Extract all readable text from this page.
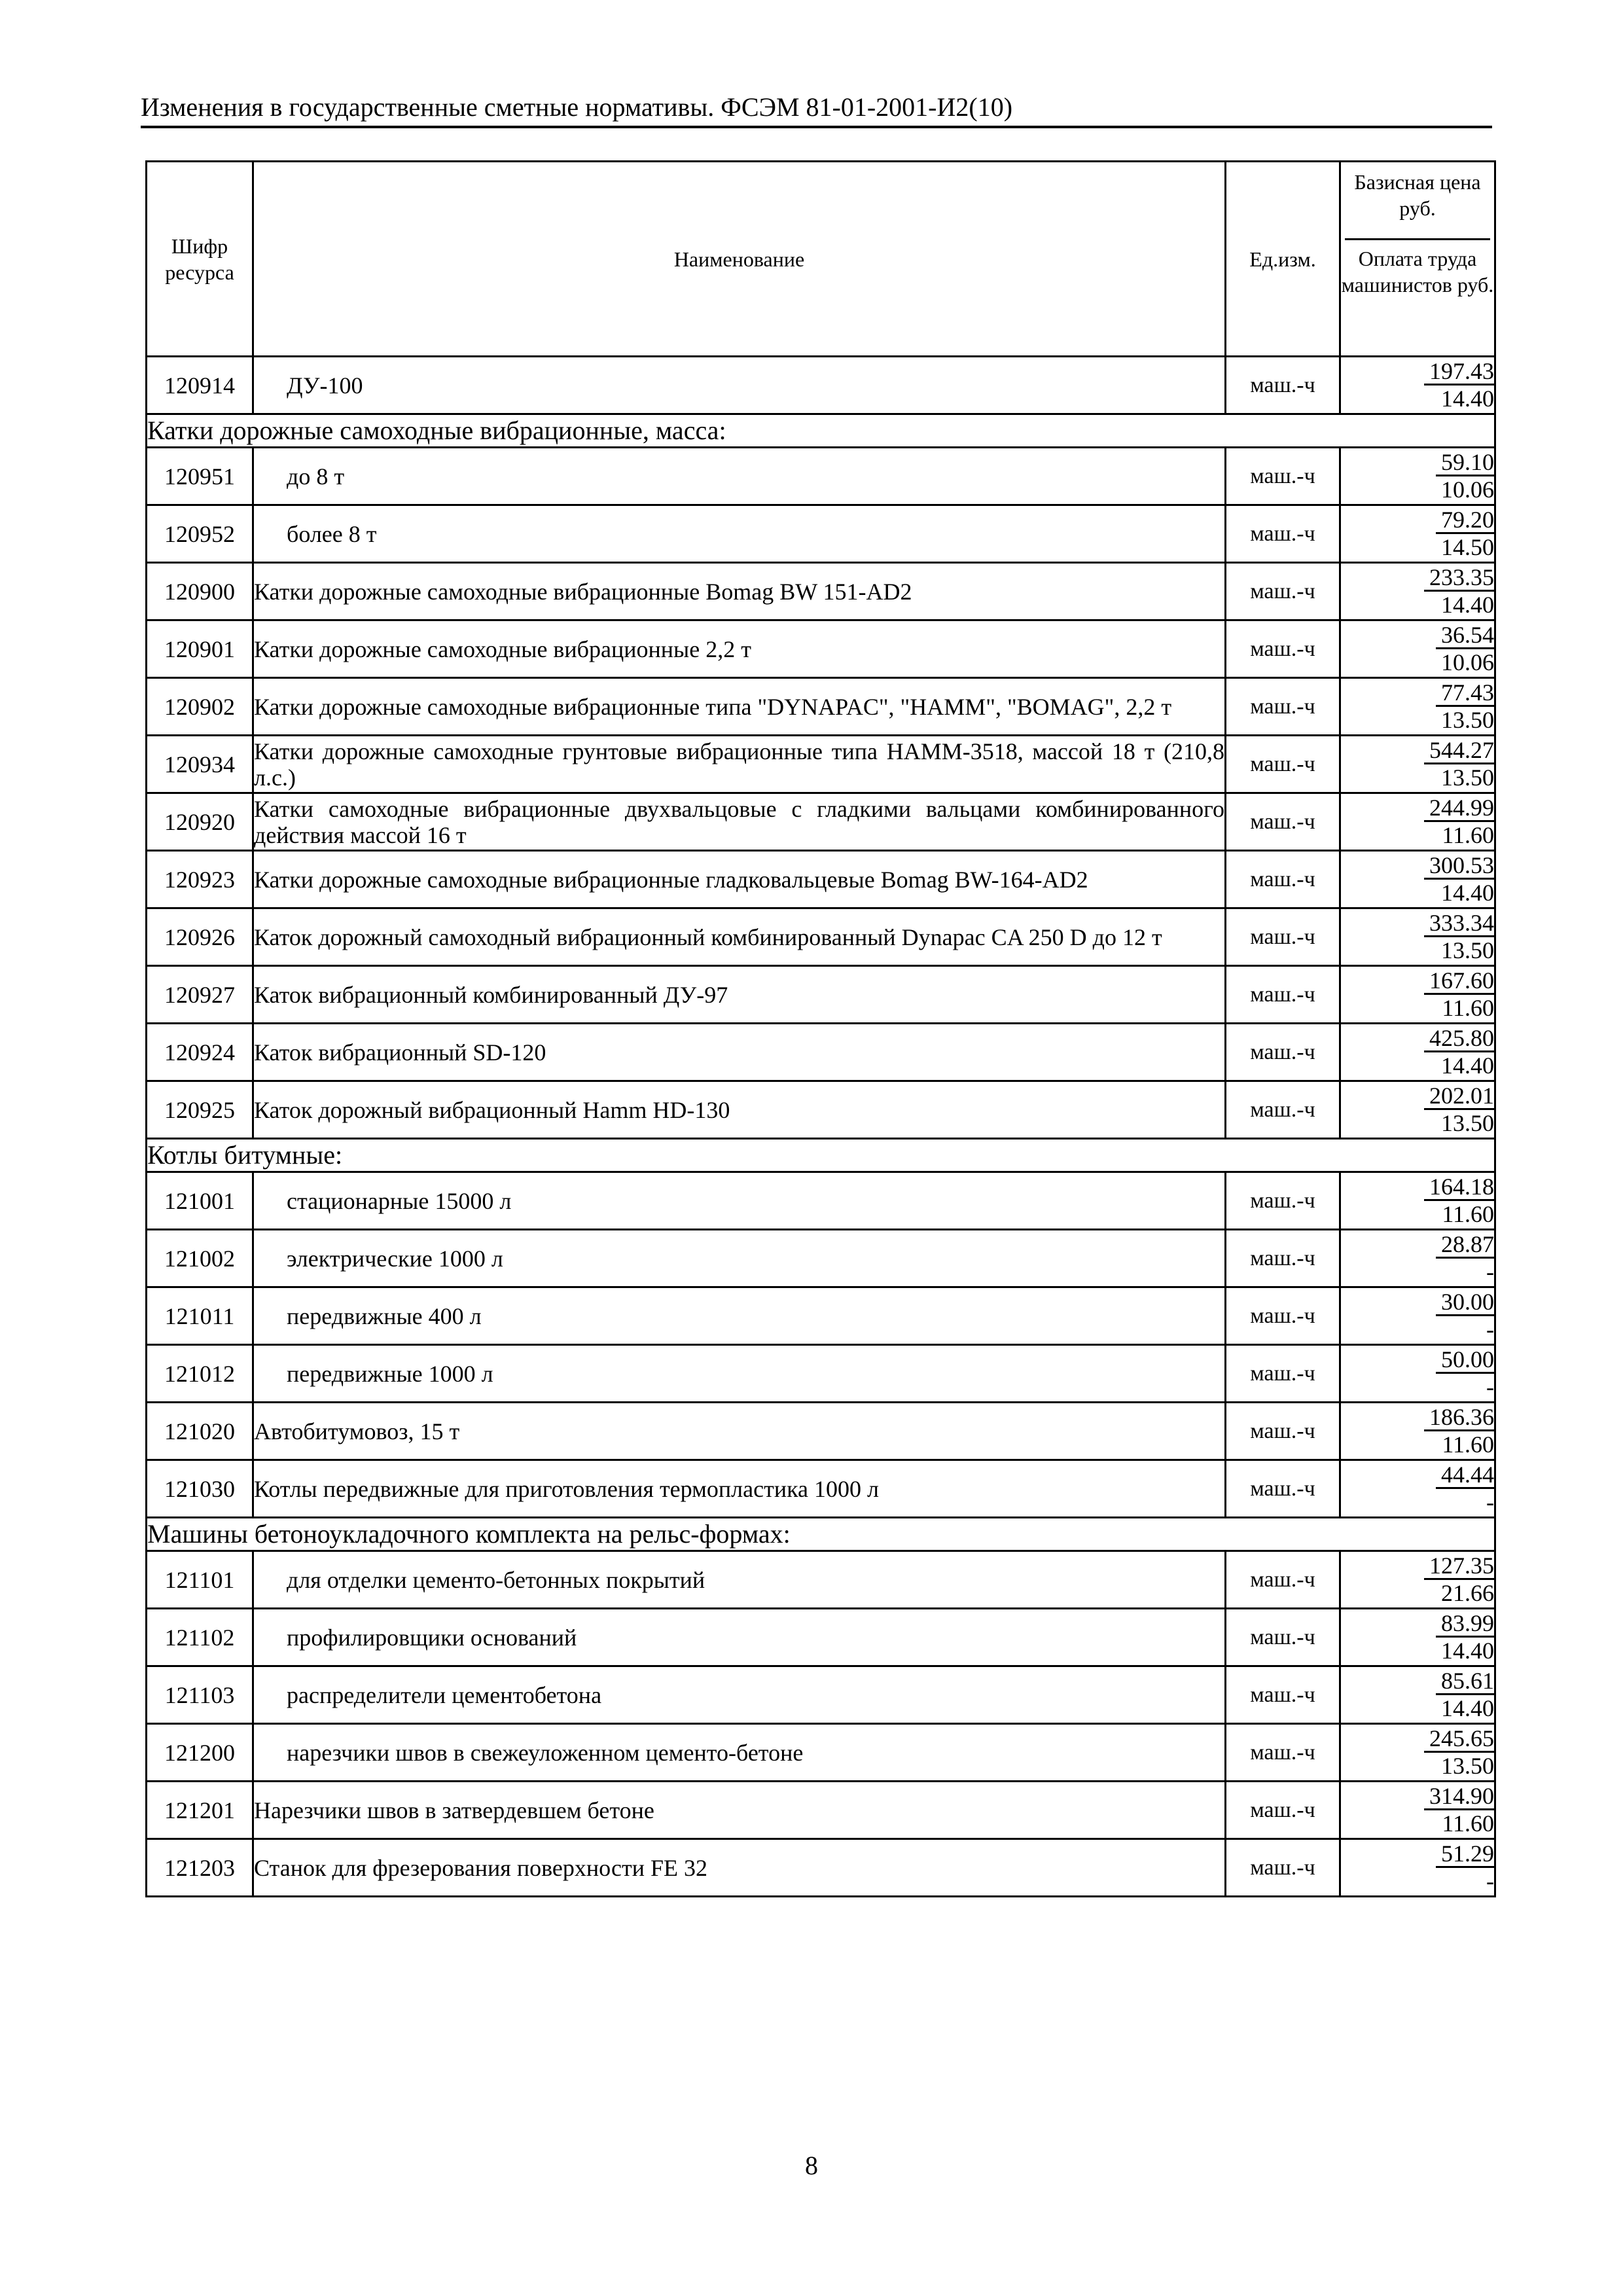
Изменения в государственные сметные нормативы. ФСЭМ 81-01-2001-И2(10)
Шифр ресурса	Наименование	Ед.изм.	Базисная цена руб.
Оплата труда машинистов руб.

120914	ДУ-100	маш.-ч	197.43
14.40
Катки дорожные самоходные вибрационные, масса:			
120951	до 8 т	маш.-ч	59.10
10.06
120952	более 8 т	маш.-ч	79.20
14.50
120900	Катки дорожные самоходные вибрационные Bomag BW 151-AD2	маш.-ч	233.35
14.40
120901	Катки дорожные самоходные вибрационные 2,2 т	маш.-ч	36.54
10.06
120902	Катки дорожные самоходные вибрационные типа "DYNAPAC", "HAMM", "BOMAG", 2,2 т	маш.-ч	77.43
13.50
120934	Катки дорожные самоходные грунтовые вибрационные типа HAMM-3518, массой 18 т (210,8 л.с.)	маш.-ч	544.27
13.50
120920	Катки самоходные вибрационные двухвальцовые с гладкими вальцами комбинированного действия массой 16 т	маш.-ч	244.99
11.60
120923	Катки дорожные самоходные вибрационные гладковальцевые Bomag BW-164-AD2	маш.-ч	300.53
14.40
120926	Каток дорожный самоходный вибрационный комбинированный Dynapac CA 250 D до 12 т	маш.-ч	333.34
13.50
120927	Каток вибрационный комбинированный ДУ-97	маш.-ч	167.60
11.60
120924	Каток вибрационный SD-120	маш.-ч	425.80
14.40
120925	Каток дорожный вибрационный Hamm HD-130	маш.-ч	202.01
13.50
Котлы битумные:			
121001	стационарные 15000 л	маш.-ч	164.18
11.60
121002	электрические 1000 л	маш.-ч	28.87
-
121011	передвижные 400 л	маш.-ч	30.00
-
121012	передвижные 1000 л	маш.-ч	50.00
-
121020	Автобитумовоз, 15 т	маш.-ч	186.36
11.60
121030	Котлы передвижные для приготовления термопластика 1000 л	маш.-ч	44.44
-
Машины бетоноукладочного комплекта на рельс-формах:			
121101	для отделки цементо-бетонных покрытий	маш.-ч	127.35
21.66
121102	профилировщики оснований	маш.-ч	83.99
14.40
121103	распределители цементобетона	маш.-ч	85.61
14.40
121200	нарезчики швов в свежеуложенном цементо-бетоне	маш.-ч	245.65
13.50
121201	Нарезчики швов в затвердевшем бетоне	маш.-ч	314.90
11.60
121203	Станок для фрезерования поверхности FE 32	маш.-ч	51.29
-
8
